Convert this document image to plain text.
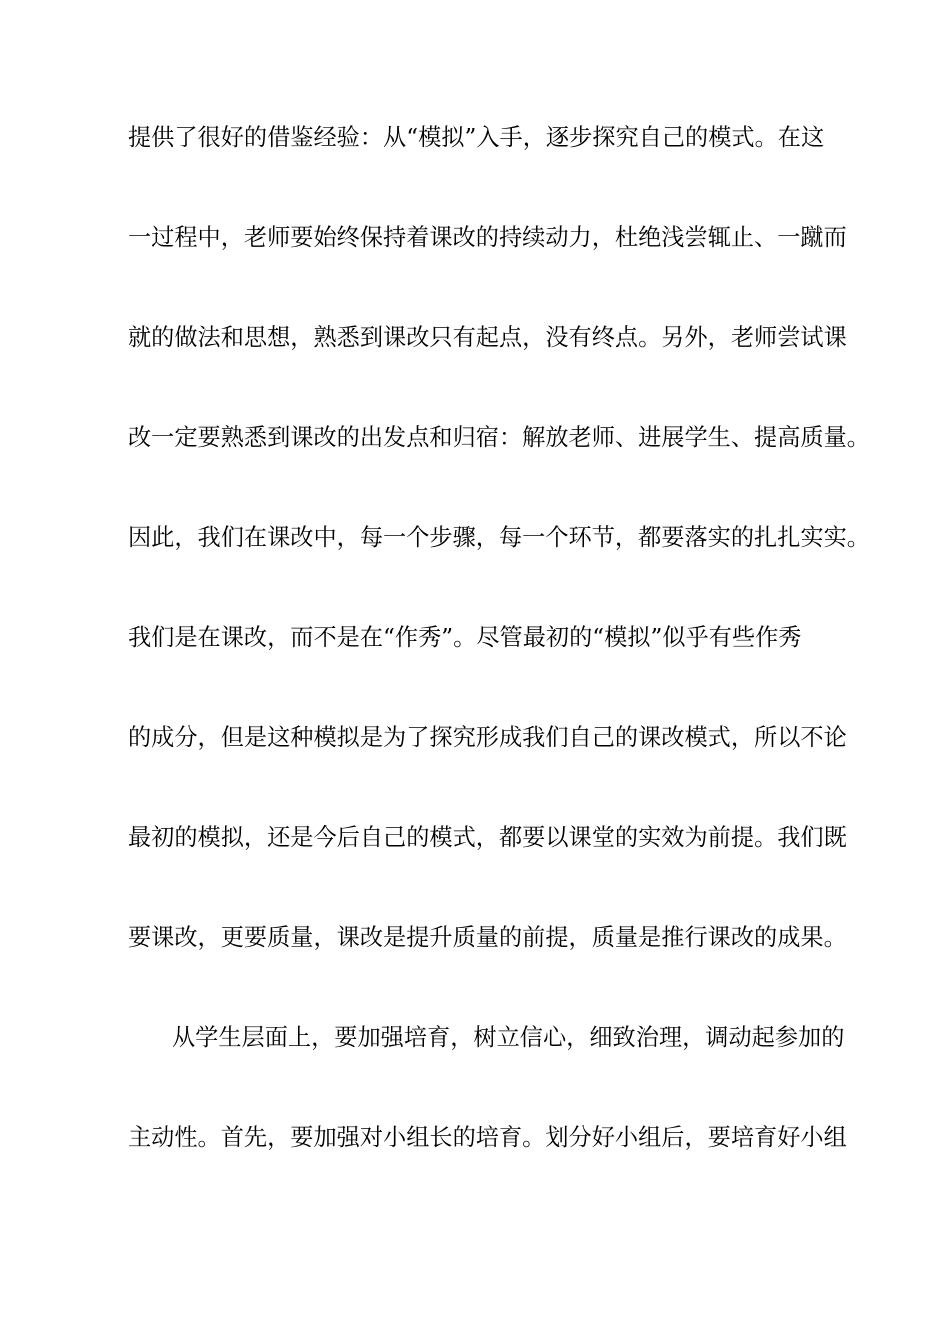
提供了很好的借鉴经验：从“模拟”入手，逐步探究自己的模式。在这
一过程中，老师要始终保持着课改的持续动力，杜绝浅尝辄止、一蹴而
就的做法和思想，熟悉到课改只有起点，没有终点。另外，老师尝试课
改一定要熟悉到课改的出发点和归宿：解放老师、进展学生、提高质量。
因此，我们在课改中，每一个步骤，每一个环节，都要落实的扎扎实实。
我们是在课改，而不是在“作秀”。尽管最初的“模拟”似乎有些作秀
的成分，但是这种模拟是为了探究形成我们自己的课改模式，所以不论
最初的模拟，还是今后自己的模式，都要以课堂的实效为前提。我们既
要课改，更要质量，课改是提升质量的前提，质量是推行课改的成果。
从学生层面上，要加强培育，树立信心，细致治理，调动起参加的
主动性。首先，要加强对小组长的培育。划分好小组后，要培育好小组
